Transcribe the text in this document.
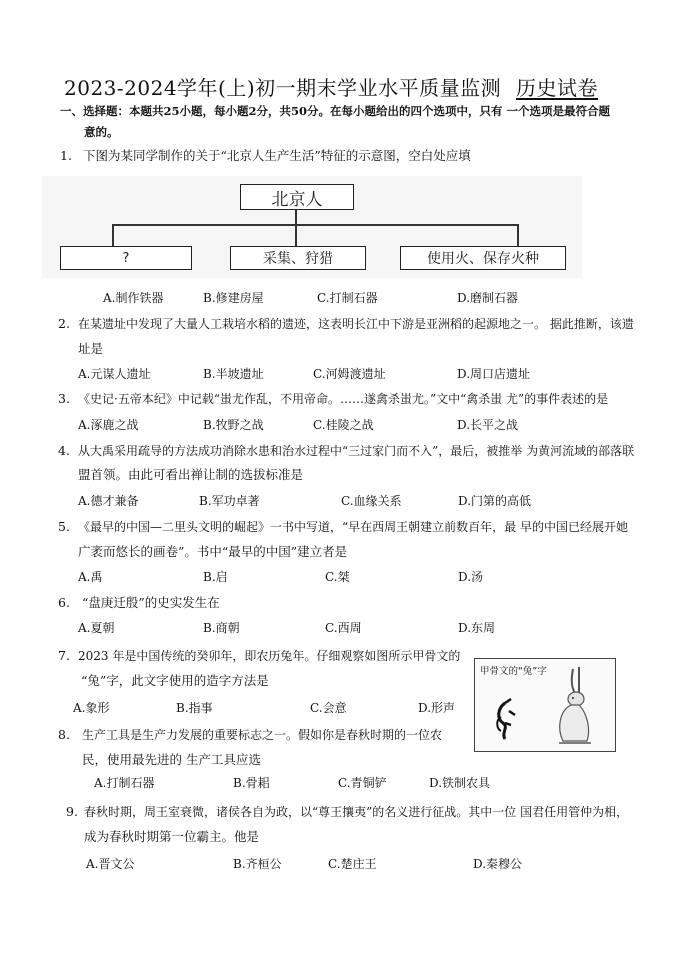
2023-2024学年(上)初一期末学业水平质量监测 历史试卷
一、选择题：本题共25小题，每小题2分，共50分。在每小题给出的四个选项中，只有 一个选项是最符合题
意的。
1. 下图为某同学制作的关于“北京人生产生活”特征的示意图，空白处应填
北京人
?	采集、狩猎	使用火、保存火种
A.制作铁器	B.修建房屋	C.打制石器	D.磨制石器
2. 在某遗址中发现了大量人工栽培水稻的遗迹，这表明长江中下游是亚洲稻的起源地之一。 据此推断，该遗
址是
A.元谋人遗址	B.半坡遗址	C.河姆渡遗址	D.周口店遗址
3. 《史记·五帝本纪》中记载“蚩尤作乱，不用帝命。……遂禽杀蚩尤。”文中“禽杀蚩 尤”的事件表述的是
A.涿鹿之战	B.牧野之战	C.桂陵之战	D.长平之战
4. 从大禹采用疏导的方法成功消除水患和治水过程中“三过家门而不入”，最后，被推举 为黄河流域的部落联
盟首领。由此可看出禅让制的选拔标准是
A.德才兼备	B.军功卓著	C.血缘关系	D.门第的高低
5. 《最早的中国—二里头文明的崛起》一书中写道，“早在西周王朝建立前数百年，最 早的中国已经展开她
广袤而悠长的画卷”。书中“最早的中国”建立者是
A.禹	B.启	C.桀	D.汤
6. “盘庚迁殷”的史实发生在
A.夏朝	B.商朝	C.西周	D.东周
7. 2023 年是中国传统的癸卯年，即农历兔年。仔细观察如图所示甲骨文的
“兔”字，此文字使用的造字方法是
甲骨文的“兔”字
A.象形	B.指事	C.会意	D.形声
8. 生产工具是生产力发展的重要标志之一。假如你是春秋时期的一位农
民，使用最先进的 生产工具应选
A.打制石器	B.骨耜	C.青铜铲	D.铁制农具
9. 春秋时期，周王室衰微，诸侯各自为政，以“尊王攘夷”的名义进行征战。其中一位 国君任用管仲为相，
成为春秋时期第一位霸主。他是
A.晋文公	B.齐桓公	C.楚庄王	D.秦穆公
